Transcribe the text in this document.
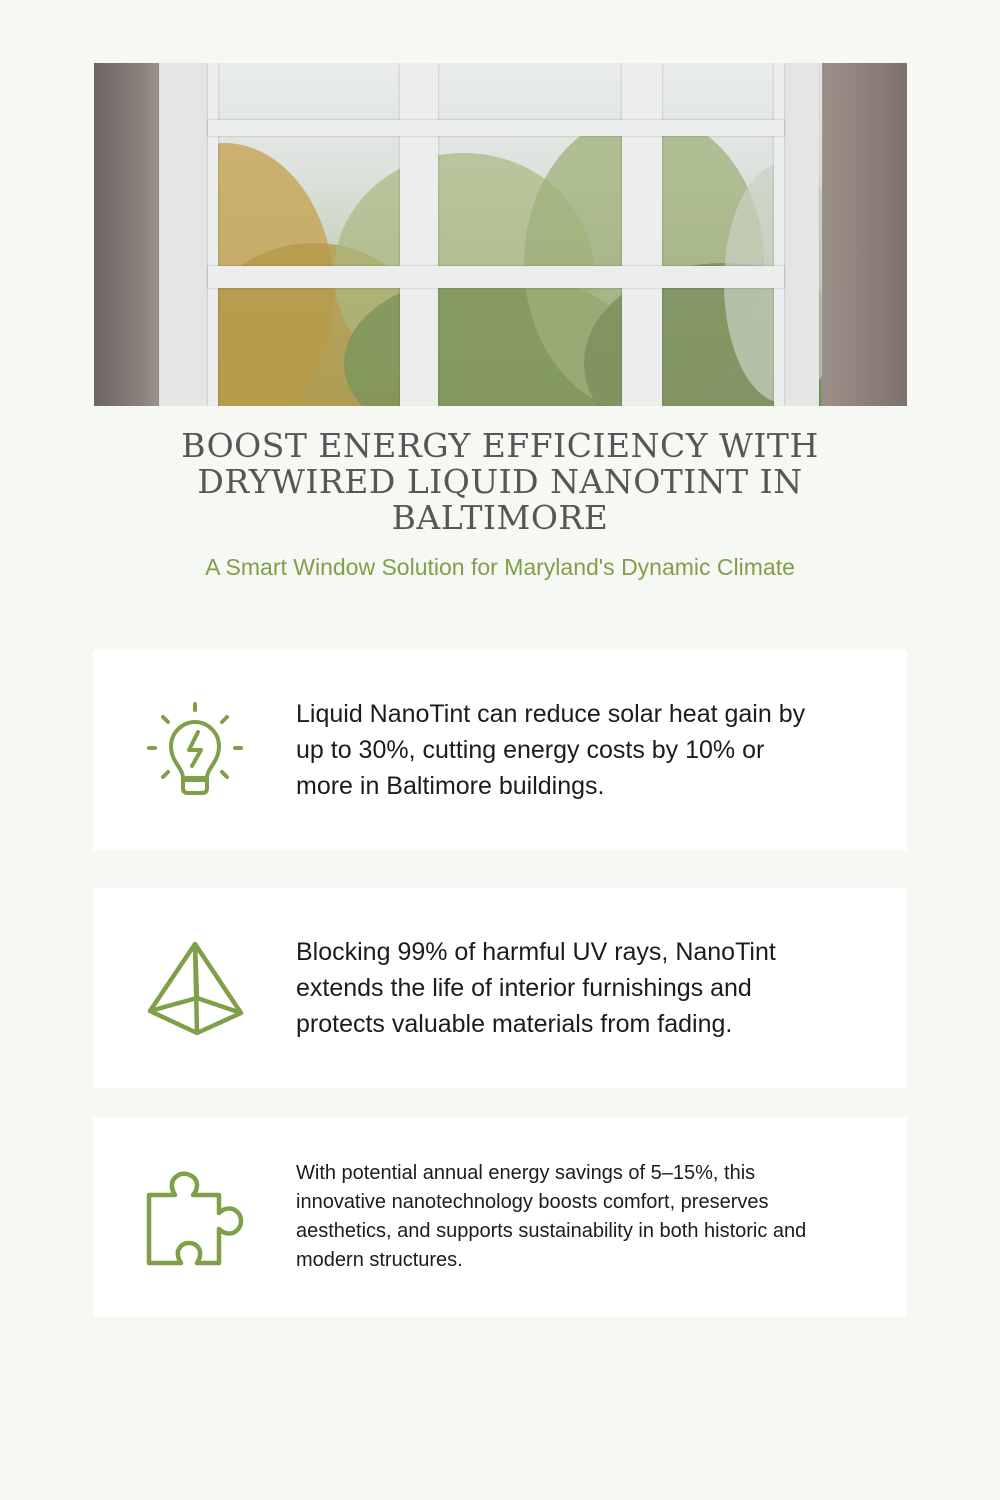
BOOST ENERGY EFFICIENCY WITH DRYWIRED LIQUID NANOTINT IN BALTIMORE

A Smart Window Solution for Maryland's Dynamic Climate

Liquid NanoTint can reduce solar heat gain by up to 30%, cutting energy costs by 10% or more in Baltimore buildings.

Blocking 99% of harmful UV rays, NanoTint extends the life of interior furnishings and protects valuable materials from fading.

With potential annual energy savings of 5–15%, this innovative nanotechnology boosts comfort, preserves aesthetics, and supports sustainability in both historic and modern structures.
